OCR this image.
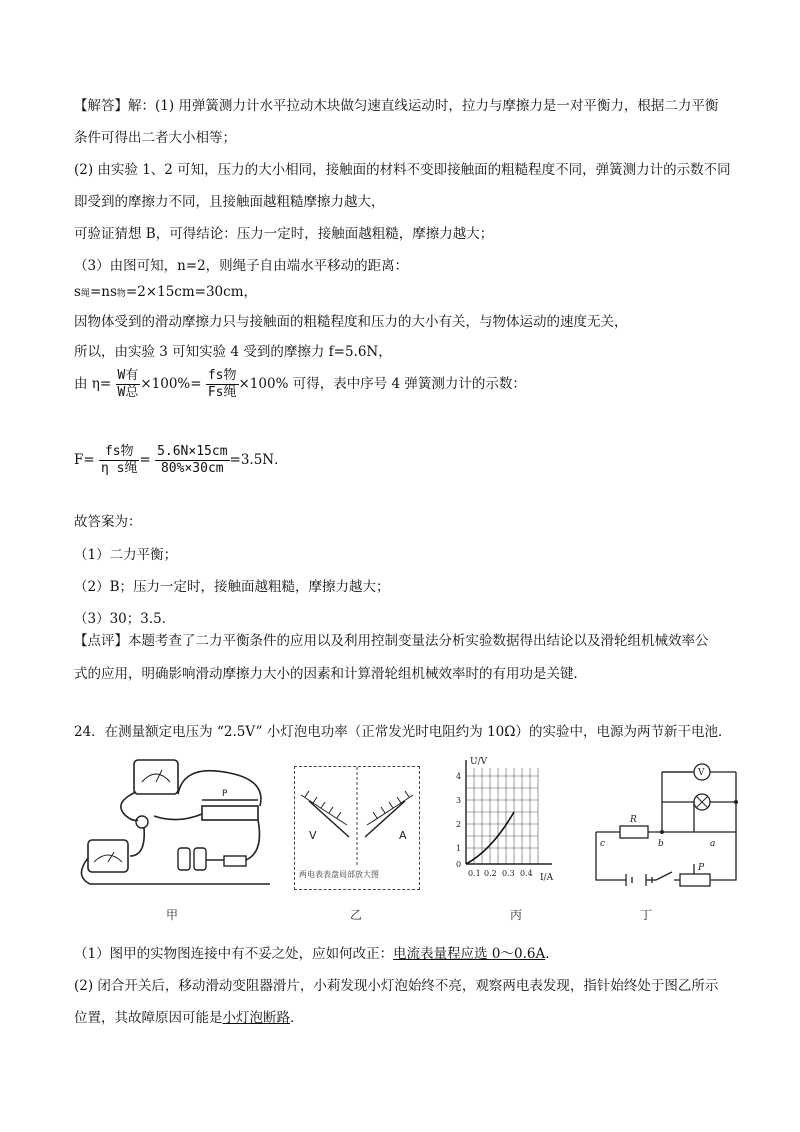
【解答】解：(1) 用弹簧测力计水平拉动木块做匀速直线运动时，拉力与摩擦力是一对平衡力，根据二力平衡
条件可得出二者大小相等；
(2) 由实验 1、2 可知，压力的大小相同，接触面的材料不变即接触面的粗糙程度不同，弹簧测力计的示数不同
即受到的摩擦力不同，且接触面越粗糙摩擦力越大，
可验证猜想 B，可得结论：压力一定时，接触面越粗糙，摩擦力越大；
（3）由图可知，n=2，则绳子自由端水平移动的距离：
s绳=ns物=2×15cm=30cm，
因物体受到的滑动摩擦力只与接触面的粗糙程度和压力的大小有关，与物体运动的速度无关，
所以，由实验 3 可知实验 4 受到的摩擦力 f=5.6N，
由 $\eta= \frac{\text{W有}}{\text{W总}} \times 100\%= \frac{\text{fs物}}{\text{Fs绳}} \times 100\%$ 可得，表中序号 4 弹簧测力计的示数：
$F= \frac{\text{fs物}}{\text{η s绳}} = \frac{5.6N\times 15cm}{80\%\times 30cm} =3.5N$．
故答案为：
（1）二力平衡；
（2）B；压力一定时，接触面越粗糙，摩擦力越大；
（3）30；3.5．
【点评】本题考查了二力平衡条件的应用以及利用控制变量法分析实验数据得出结论以及滑轮组机械效率公
式的应用，明确影响滑动摩擦力大小的因素和计算滑轮组机械效率时的有用功是关键．
24．在测量额定电压为 “2.5V” 小灯泡电功率（正常发光时电阻约为 10Ω）的实验中，电源为两节新干电池．
P
V	A
两电表表盘局部放大图
U/V
I/A
0
1
2
3
4
0.1 0.2 0.3 0.4
V
R
c	b	a
P
甲	乙	丙	丁
（1）图甲的实物图连接中有不妥之处，应如何改正：电流表量程应选 0～0.6A．
(2) 闭合开关后，移动滑动变阻器滑片，小莉发现小灯泡始终不亮，观察两电表发现，指针始终处于图乙所示
位置，其故障原因可能是小灯泡断路．
